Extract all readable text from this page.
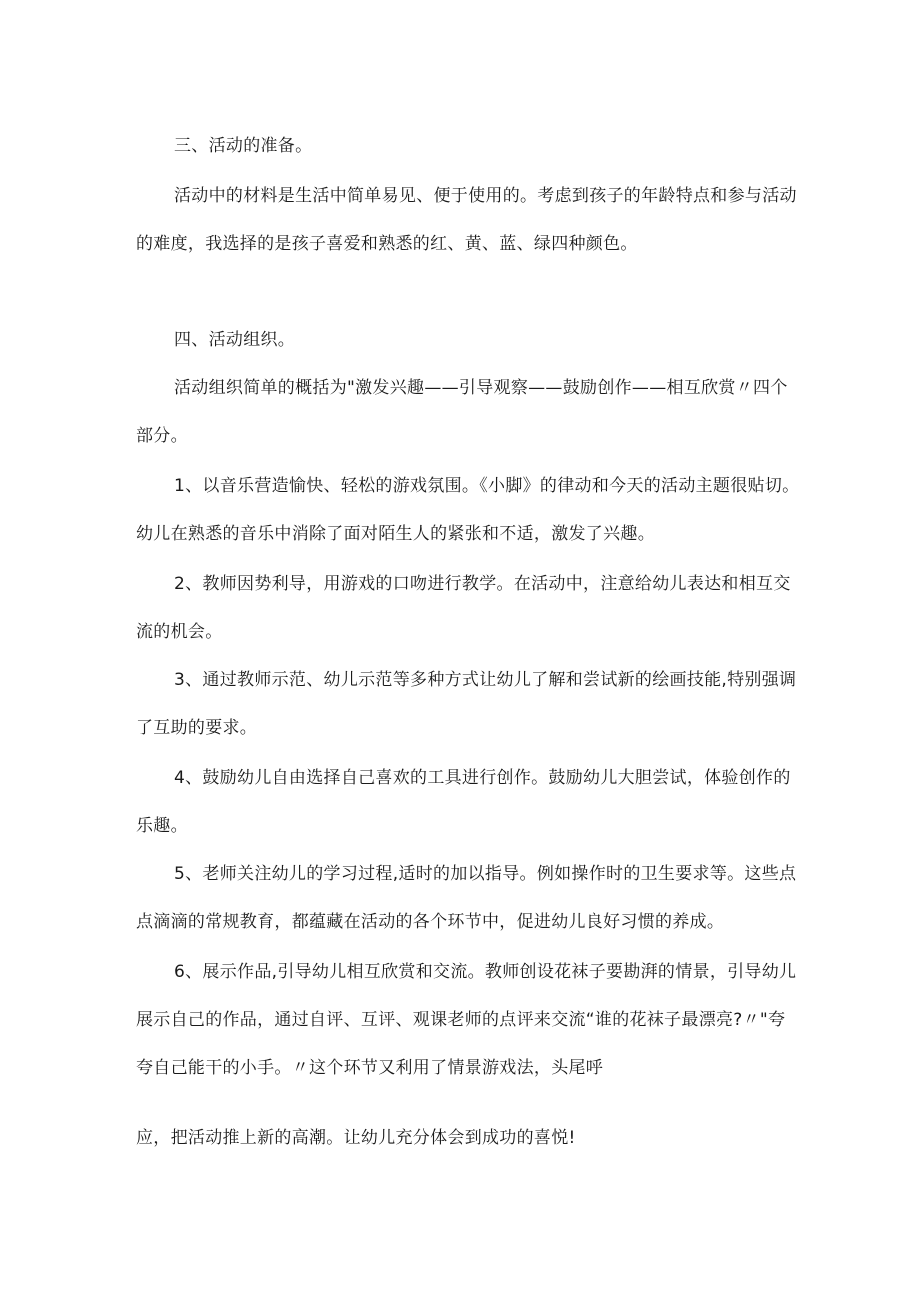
三、活动的准备。
活动中的材料是生活中简单易见、便于使用的。考虑到孩子的年龄特点和参与活动
的难度，我选择的是孩子喜爱和熟悉的红、黄、蓝、绿四种颜色。
四、活动组织。
活动组织简单的概括为"激发兴趣——引导观察——鼓励创作——相互欣赏〃四个
部分。
1、以音乐营造愉快、轻松的游戏氛围。《小脚》的律动和今天的活动主题很贴切。
幼儿在熟悉的音乐中消除了面对陌生人的紧张和不适，激发了兴趣。
2、教师因势利导，用游戏的口吻进行教学。在活动中，注意给幼儿表达和相互交
流的机会。
3、通过教师示范、幼儿示范等多种方式让幼儿了解和尝试新的绘画技能,特别强调
了互助的要求。
4、鼓励幼儿自由选择自己喜欢的工具进行创作。鼓励幼儿大胆尝试，体验创作的
乐趣。
5、老师关注幼儿的学习过程,适时的加以指导。例如操作时的卫生要求等。这些点
点滴滴的常规教育，都蕴藏在活动的各个环节中，促进幼儿良好习惯的养成。
6、展示作品,引导幼儿相互欣赏和交流。教师创设花袜子要勘湃的情景，引导幼儿
展示自己的作品，通过自评、互评、观课老师的点评来交流“谁的花袜子最漂亮?〃"夸
夸自己能干的小手。〃这个环节又利用了情景游戏法，头尾呼
应，把活动推上新的高潮。让幼儿充分体会到成功的喜悦!
